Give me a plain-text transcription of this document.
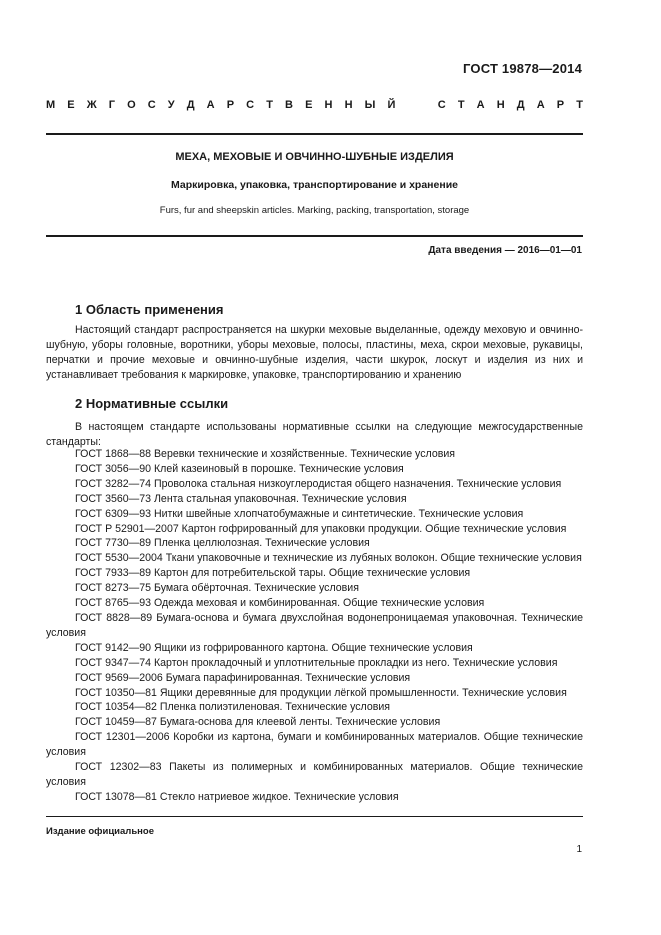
ГОСТ 19878—2014
М Е Ж Г О С У Д А Р С Т В Е Н Н Ы Й

	С Т А Н Д А Р Т
МЕХА, МЕХОВЫЕ И ОВЧИННО-ШУБНЫЕ ИЗДЕЛИЯ
Маркировка, упаковка, транспортирование и хранение
Furs, fur and sheepskin articles. Marking, packing, transportation, storage
Дата введения — 2016—01—01
1 Область применения

Настоящий стандарт распространяется на шкурки меховые выделанные, одежду меховую и овчинно-шубную, уборы головные, воротники, уборы меховые, полосы, пластины, меха, скрои меховые, рукавицы, перчатки и прочие меховые и овчинно-шубные изделия, части шкурок, лоскут и изделия из них и устанавливает требования к маркировке, упаковке, транспортированию и хранению

2 Нормативные ссылки

В настоящем стандарте использованы нормативные ссылки на следующие межгосударственные стандарты:

ГОСТ 1868—88 Веревки технические и хозяйственные. Технические условия

ГОСТ 3056—90 Клей казеиновый в порошке. Технические условия

ГОСТ 3282—74 Проволока стальная низкоуглеродистая общего назначения. Технические условия

ГОСТ 3560—73 Лента стальная упаковочная. Технические условия

ГОСТ 6309—93 Нитки швейные хлопчатобумажные и синтетические. Технические условия

ГОСТ Р 52901—2007 Картон гофрированный для упаковки продукции. Общие технические условия

ГОСТ 7730—89 Пленка целлюлозная. Технические условия

ГОСТ 5530—2004 Ткани упаковочные и технические из лубяных волокон. Общие технические условия

ГОСТ 7933—89 Картон для потребительской тары. Общие технические условия

ГОСТ 8273—75 Бумага обёрточная. Технические условия

ГОСТ 8765—93 Одежда меховая и комбинированная. Общие технические условия

ГОСТ 8828—89 Бумага-основа и бумага двухслойная водонепроницаемая упаковочная. Технические условия

ГОСТ 9142—90 Ящики из гофрированного картона. Общие технические условия

ГОСТ 9347—74 Картон прокладочный и уплотнительные прокладки из него. Технические условия

ГОСТ 9569—2006 Бумага парафинированная. Технические условия

ГОСТ 10350—81 Ящики деревянные для продукции лёгкой промышленности. Технические условия

ГОСТ 10354—82 Пленка полиэтиленовая. Технические условия

ГОСТ 10459—87 Бумага-основа для клеевой ленты. Технические условия

ГОСТ 12301—2006 Коробки из картона, бумаги и комбинированных материалов. Общие технические условия

ГОСТ 12302—83 Пакеты из полимерных и комбинированных материалов. Общие технические условия

ГОСТ 13078—81 Стекло натриевое жидкое. Технические условия

Издание официальное
1
